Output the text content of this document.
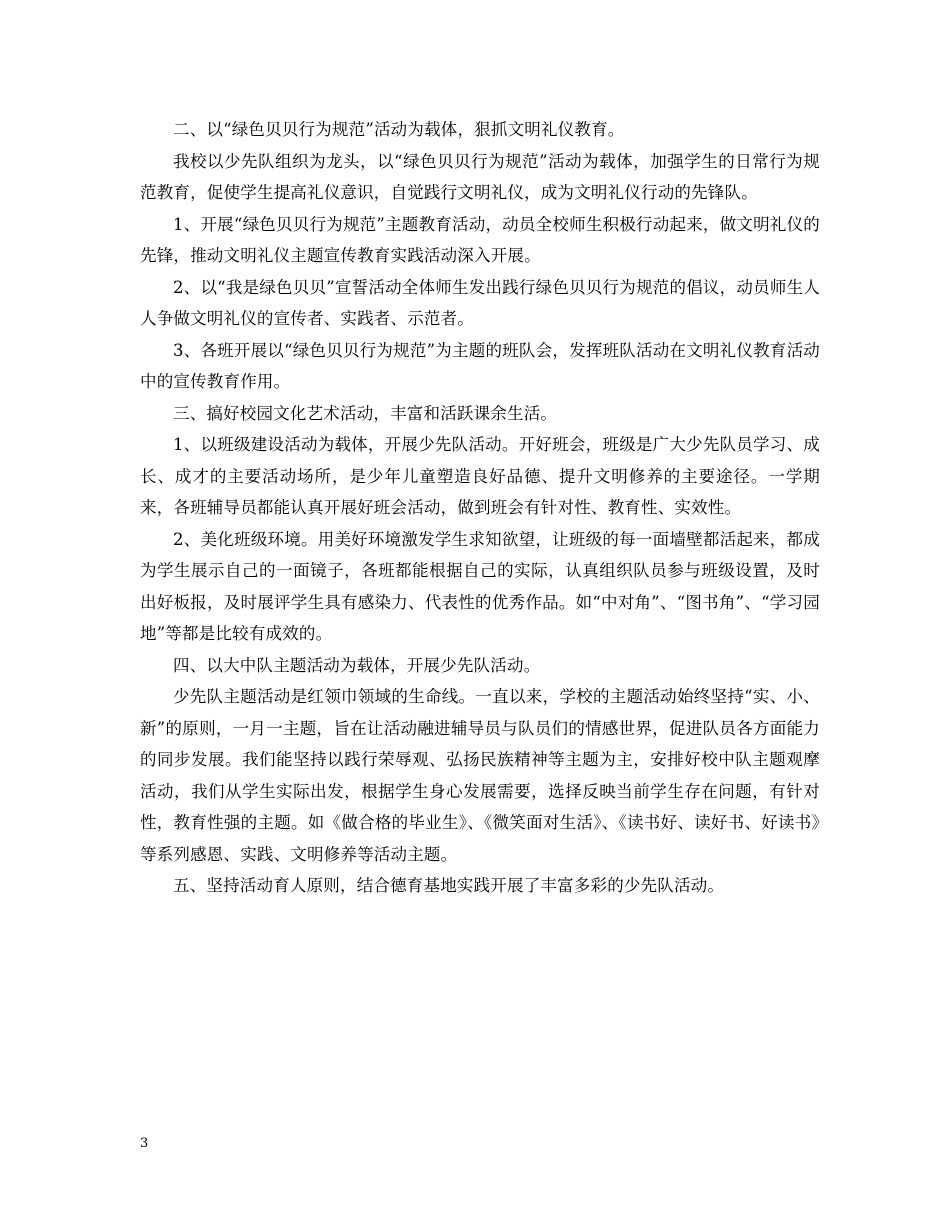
二、以“绿色贝贝行为规范”活动为载体，狠抓文明礼仪教育。

我校以少先队组织为龙头，以“绿色贝贝行为规范”活动为载体，加强学生的日常行为规范教育，促使学生提高礼仪意识，自觉践行文明礼仪，成为文明礼仪行动的先锋队。

1、开展“绿色贝贝行为规范”主题教育活动，动员全校师生积极行动起来，做文明礼仪的先锋，推动文明礼仪主题宣传教育实践活动深入开展。

2、以“我是绿色贝贝”宣誓活动全体师生发出践行绿色贝贝行为规范的倡议，动员师生人人争做文明礼仪的宣传者、实践者、示范者。

3、各班开展以“绿色贝贝行为规范”为主题的班队会，发挥班队活动在文明礼仪教育活动中的宣传教育作用。

三、搞好校园文化艺术活动，丰富和活跃课余生活。

1、以班级建设活动为载体，开展少先队活动。开好班会，班级是广大少先队员学习、成长、成才的主要活动场所，是少年儿童塑造良好品德、提升文明修养的主要途径。一学期来，各班辅导员都能认真开展好班会活动，做到班会有针对性、教育性、实效性。

2、美化班级环境。用美好环境激发学生求知欲望，让班级的每一面墙壁都活起来，都成为学生展示自己的一面镜子，各班都能根据自己的实际，认真组织队员参与班级设置，及时出好板报，及时展评学生具有感染力、代表性的优秀作品。如“中对角”、“图书角”、“学习园地”等都是比较有成效的。

四、以大中队主题活动为载体，开展少先队活动。

少先队主题活动是红领巾领域的生命线。一直以来，学校的主题活动始终坚持“实、小、新”的原则，一月一主题，旨在让活动融进辅导员与队员们的情感世界，促进队员各方面能力的同步发展。我们能坚持以践行荣辱观、弘扬民族精神等主题为主，安排好校中队主题观摩活动，我们从学生实际出发，根据学生身心发展需要，选择反映当前学生存在问题，有针对性，教育性强的主题。如《做合格的毕业生》、《微笑面对生活》、《读书好、读好书、好读书》等系列感恩、实践、文明修养等活动主题。

五、坚持活动育人原则，结合德育基地实践开展了丰富多彩的少先队活动。

3
